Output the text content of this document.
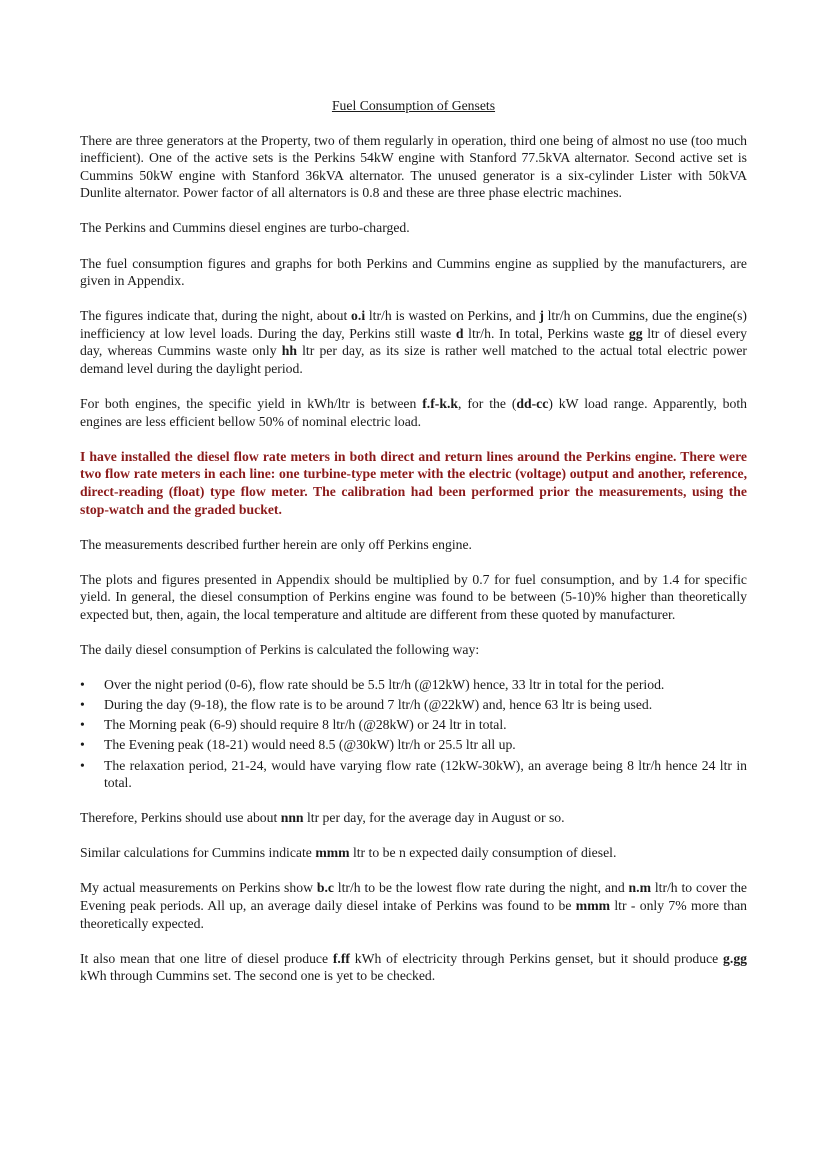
Fuel Consumption of Gensets

There are three generators at the Property, two of them regularly in operation, third one being of almost no use (too much inefficient). One of the active sets is the Perkins 54kW engine with Stanford 77.5kVA alternator. Second active set is Cummins 50kW engine with Stanford 36kVA alternator. The unused generator is a six-cylinder Lister with 50kVA Dunlite alternator. Power factor of all alternators is 0.8 and these are three phase electric machines.

The Perkins and Cummins diesel engines are turbo-charged.

The fuel consumption figures and graphs for both Perkins and Cummins engine as supplied by the manufacturers, are given in Appendix.

The figures indicate that, during the night, about o.i ltr/h is wasted on Perkins, and j ltr/h on Cummins, due the engine(s) inefficiency at low level loads. During the day, Perkins still waste d ltr/h. In total, Perkins waste gg ltr of diesel every day, whereas Cummins waste only hh ltr per day, as its size is rather well matched to the actual total electric power demand level during the daylight period.

For both engines, the specific yield in kWh/ltr is between f.f-k.k, for the (dd-cc) kW load range. Apparently, both engines are less efficient bellow 50% of nominal electric load.

I have installed the diesel flow rate meters in both direct and return lines around the Perkins engine. There were two flow rate meters in each line: one turbine-type meter with the electric (voltage) output and another, reference, direct-reading (float) type flow meter. The calibration had been performed prior the measurements, using the stop-watch and the graded bucket.

The measurements described further herein are only off Perkins engine.

The plots and figures presented in Appendix should be multiplied by 0.7 for fuel consumption, and by 1.4 for specific yield. In general, the diesel consumption of Perkins engine was found to be between (5-10)% higher than theoretically expected but, then, again, the local temperature and altitude are different from these quoted by manufacturer.

The daily diesel consumption of Perkins is calculated the following way:

• Over the night period (0-6), flow rate should be 5.5 ltr/h (@12kW) hence, 33 ltr in total for the period.
• During the day (9-18), the flow rate is to be around 7 ltr/h (@22kW) and, hence 63 ltr is being used.
• The Morning peak (6-9) should require 8 ltr/h (@28kW) or 24 ltr in total.
• The Evening peak (18-21) would need 8.5 (@30kW) ltr/h or 25.5 ltr all up.
• The relaxation period, 21-24, would have varying flow rate (12kW-30kW), an average being 8 ltr/h hence 24 ltr in total.

Therefore, Perkins should use about nnn ltr per day, for the average day in August or so.

Similar calculations for Cummins indicate mmm ltr to be n expected daily consumption of diesel.

My actual measurements on Perkins show b.c ltr/h to be the lowest flow rate during the night, and n.m ltr/h to cover the Evening peak periods. All up, an average daily diesel intake of Perkins was found to be mmm ltr - only 7% more than theoretically expected.

It also mean that one litre of diesel produce f.ff kWh of electricity through Perkins genset, but it should produce g.gg kWh through Cummins set. The second one is yet to be checked.
